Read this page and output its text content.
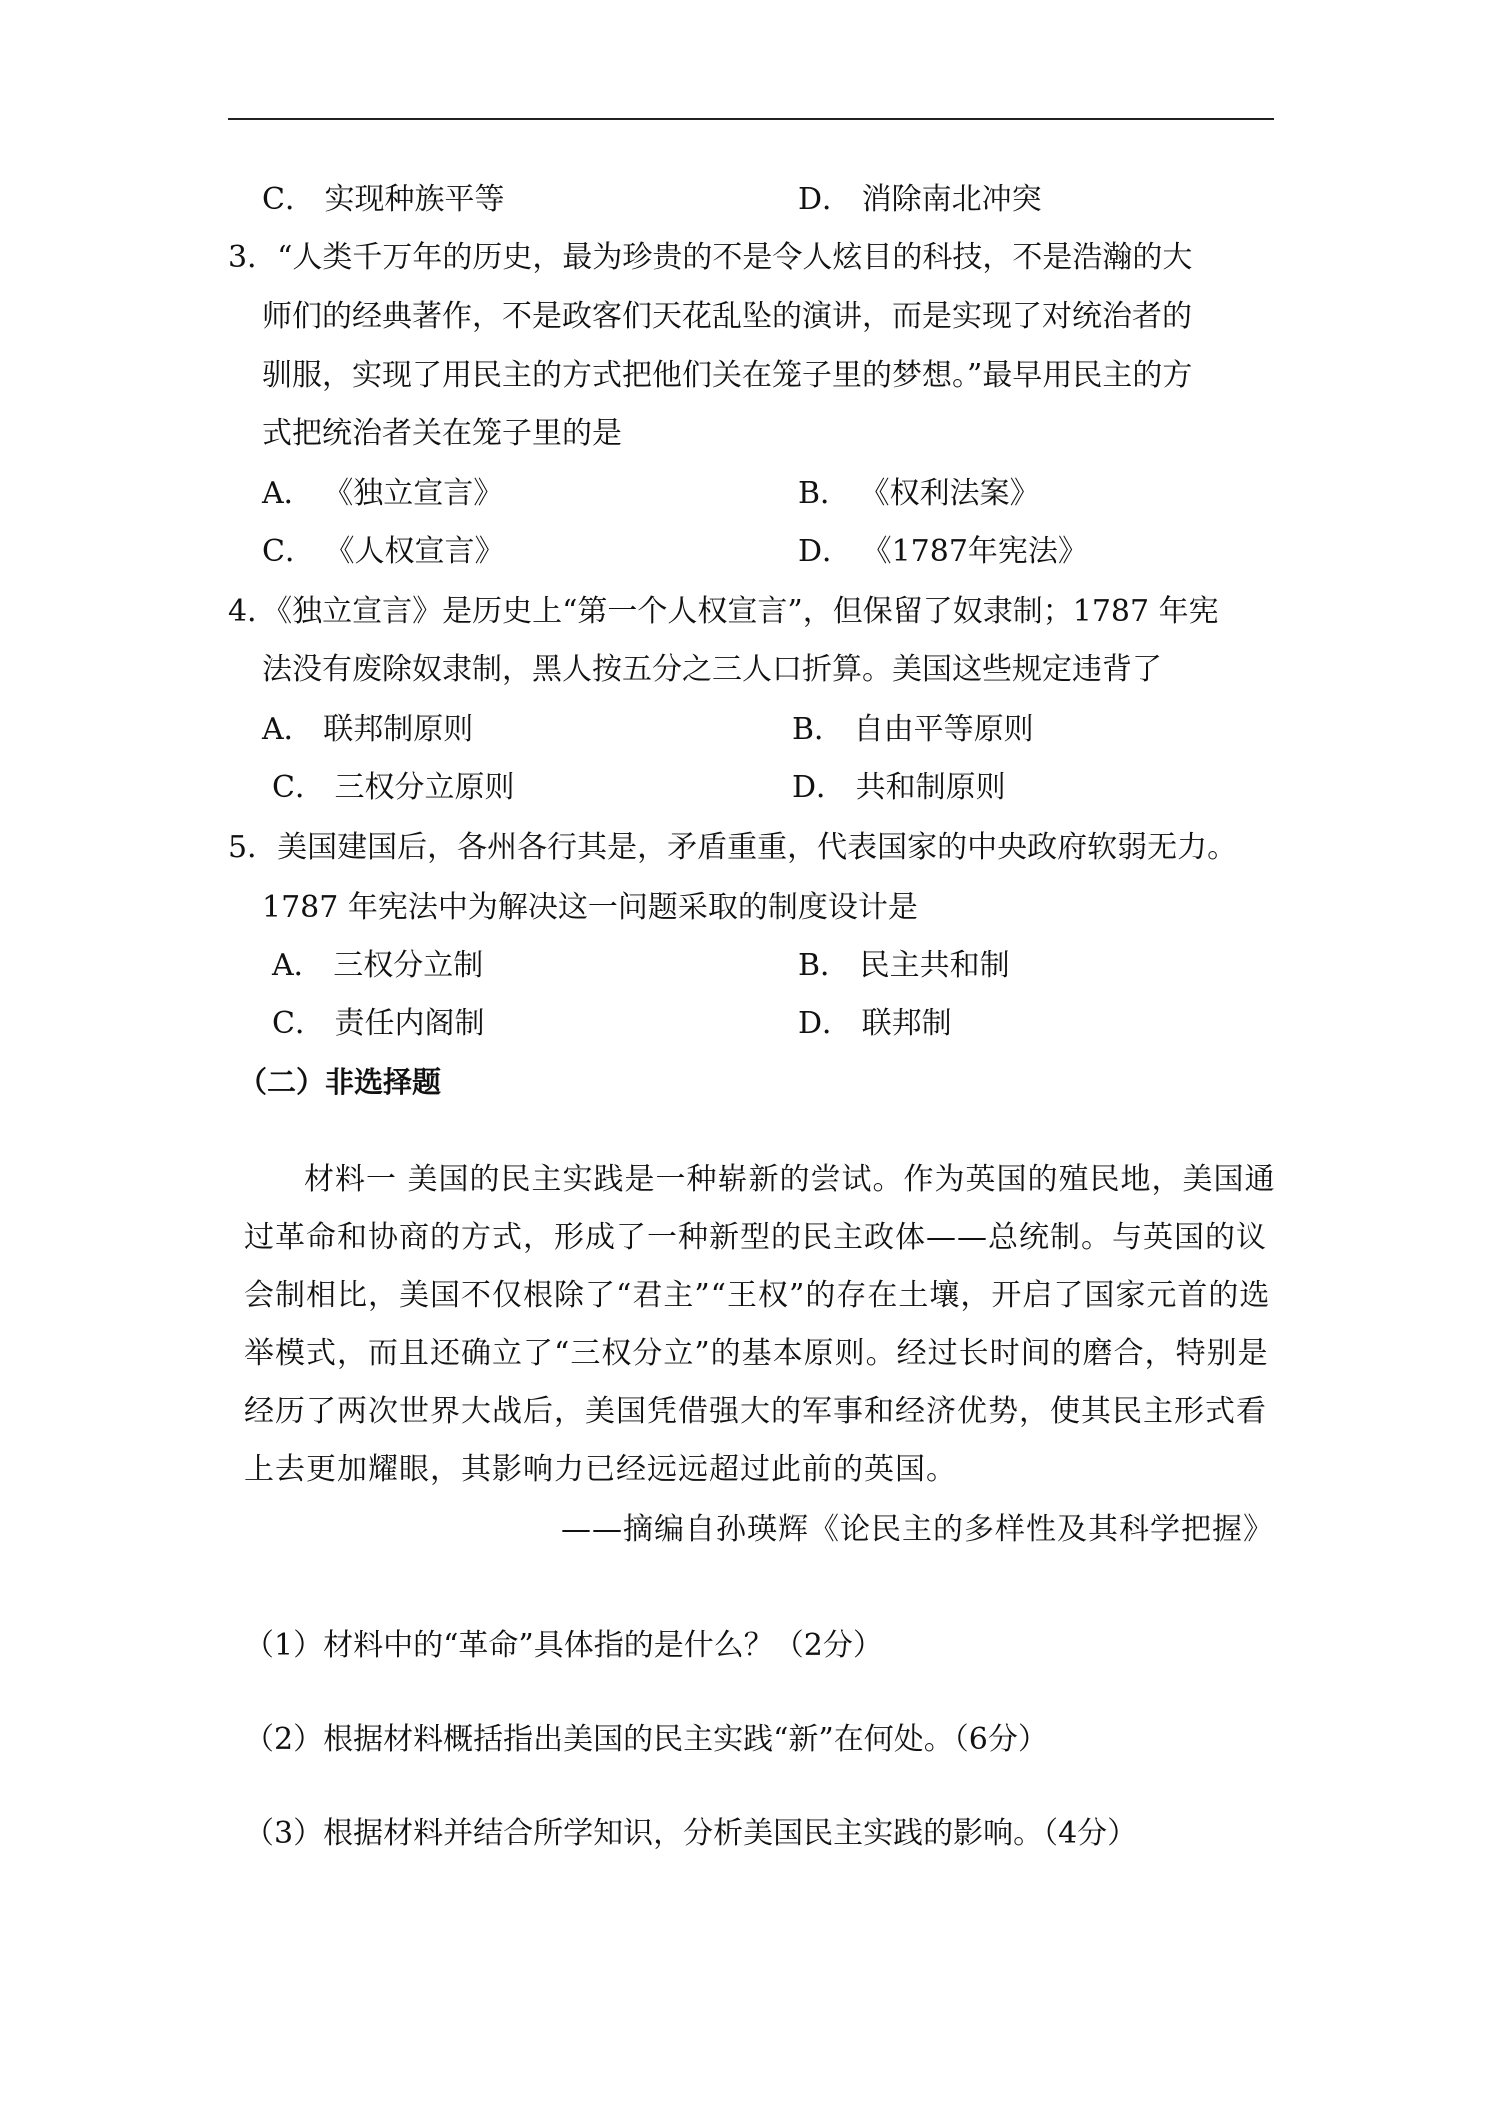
C． 实现种族平等	D． 消除南北冲突
3．“人类千万年的历史，最为珍贵的不是令人炫目的科技，不是浩瀚的大
师们的经典著作，不是政客们天花乱坠的演讲，而是实现了对统治者的
驯服，实现了用民主的方式把他们关在笼子里的梦想。”最早用民主的方
式把统治者关在笼子里的是
A． 《独立宣言》	B． 《权利法案》
C． 《人权宣言》	D． 《1787年宪法》
4．《独立宣言》是历史上“第一个人权宣言”，但保留了奴隶制；1787 年宪
法没有废除奴隶制，黑人按五分之三人口折算。美国这些规定违背了
A． 联邦制原则	B． 自由平等原则
C． 三权分立原则	D． 共和制原则
5．美国建国后，各州各行其是，矛盾重重，代表国家的中央政府软弱无力。
1787 年宪法中为解决这一问题采取的制度设计是
A． 三权分立制	B． 民主共和制
C． 责任内阁制	D． 联邦制
（二）非选择题
材料一 美国的民主实践是一种崭新的尝试。作为英国的殖民地，美国通
过革命和协商的方式，形成了一种新型的民主政体——总统制。与英国的议
会制相比，美国不仅根除了“君主”“王权”的存在土壤，开启了国家元首的选
举模式，而且还确立了“三权分立”的基本原则。经过长时间的磨合，特别是
经历了两次世界大战后，美国凭借强大的军事和经济优势，使其民主形式看
上去更加耀眼，其影响力已经远远超过此前的英国。
——摘编自孙瑛辉《论民主的多样性及其科学把握》
（1）材料中的“革命”具体指的是什么？（2分）
（2）根据材料概括指出美国的民主实践“新”在何处。（6分）
（3）根据材料并结合所学知识，分析美国民主实践的影响。（4分）
